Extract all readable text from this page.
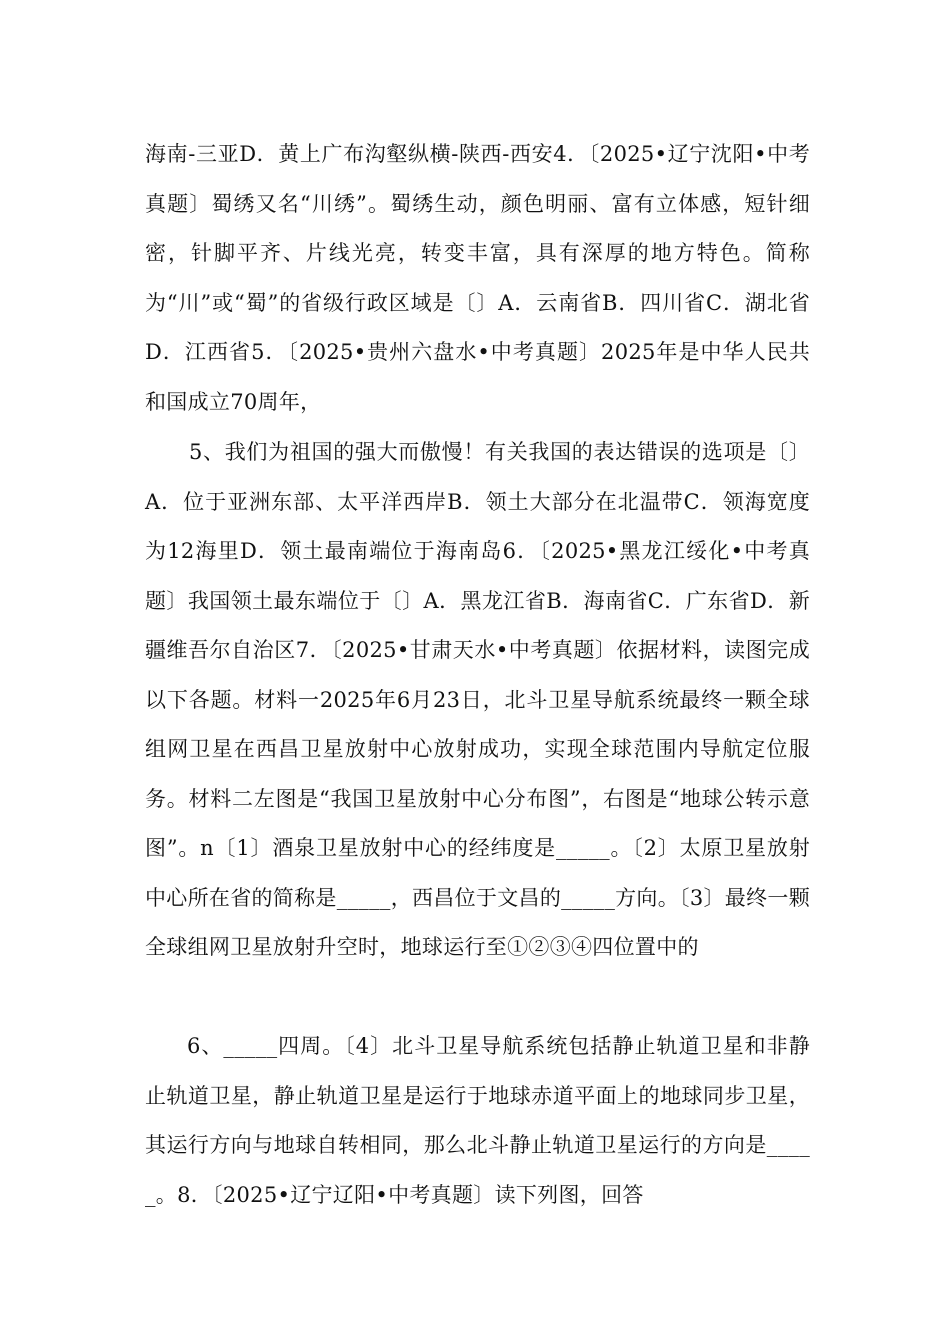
海南-三亚D．黄上广布沟壑纵横-陕西-西安4．〔2025•辽宁沈阳•中考真题〕蜀绣又名“川绣”。蜀绣生动，颜色明丽、富有立体感，短针细密，针脚平齐、片线光亮，转变丰富，具有深厚的地方特色。简称为“川”或“蜀”的省级行政区域是〔〕A．云南省B．四川省C．湖北省D．江西省5．〔2025•贵州六盘水•中考真题〕2025年是中华人民共和国成立70周年，

5、我们为祖国的强大而傲慢！有关我国的表达错误的选项是〔〕A．位于亚洲东部、太平洋西岸B．领土大部分在北温带C．领海宽度为12海里D．领土最南端位于海南岛6．〔2025•黑龙江绥化•中考真题〕我国领土最东端位于〔〕A．黑龙江省B．海南省C．广东省D．新疆维吾尔自治区7．〔2025•甘肃天水•中考真题〕依据材料，读图完成以下各题。材料一2025年6月23日，北斗卫星导航系统最终一颗全球组网卫星在西昌卫星放射中心放射成功，实现全球范围内导航定位服务。材料二左图是“我国卫星放射中心分布图”，右图是“地球公转示意图”。n〔1〕酒泉卫星放射中心的经纬度是_____。〔2〕太原卫星放射中心所在省的简称是_____，西昌位于文昌的_____方向。〔3〕最终一颗全球组网卫星放射升空时，地球运行至①②③④四位置中的

6、_____四周。〔4〕北斗卫星导航系统包括静止轨道卫星和非静止轨道卫星，静止轨道卫星是运行于地球赤道平面上的地球同步卫星，其运行方向与地球自转相同，那么北斗静止轨道卫星运行的方向是_____。8．〔2025•辽宁辽阳•中考真题〕读下列图，回答
